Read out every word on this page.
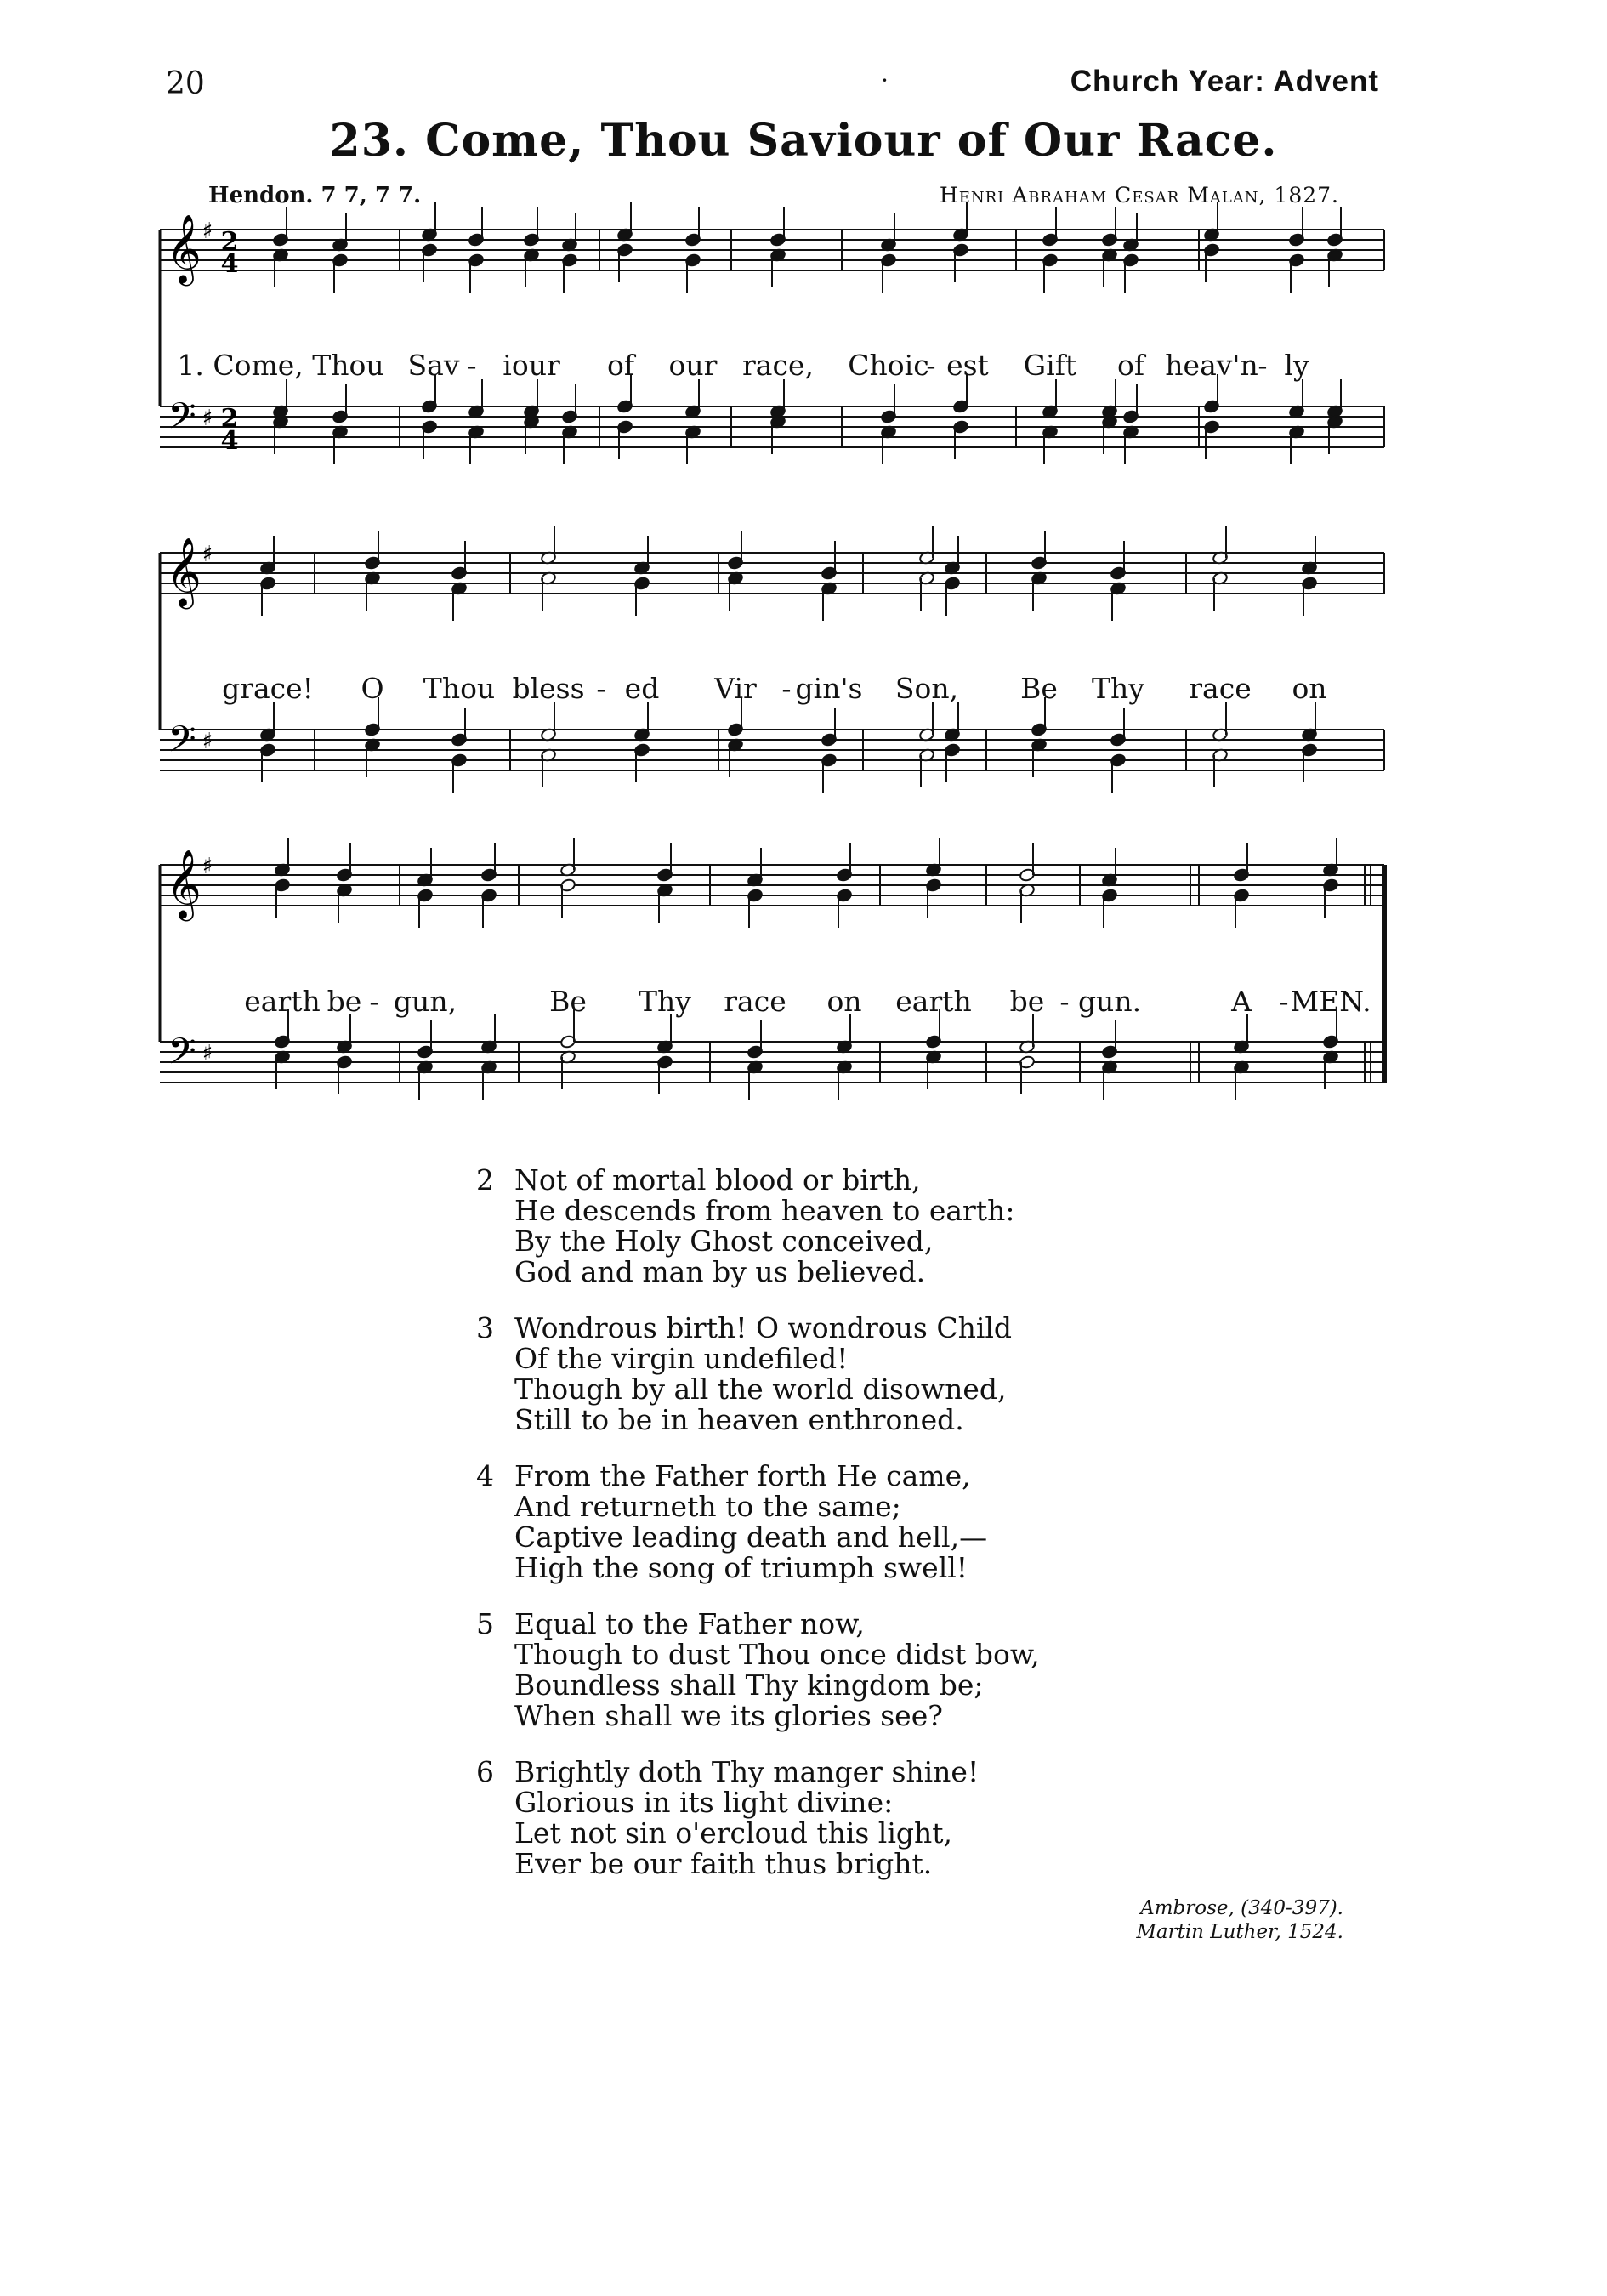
20	·	Church Year: Advent
23. Come, Thou Saviour of Our Race.
Hendon. 7 7, 7 7.	Henri Abraham Cesar Malan, 1827.
𝄞 ♯ 2
4
𝄢 ♯ 2
4
𝄞 ♯
𝄢 ♯
𝄞 ♯
𝄢 ♯
1. Come, Thou Sav - iour of our race, Choic
- est Gift of heav'n - ly
grace! O Thou bless - ed Vir - gin's Son, Be Thy race on
earth be - gun,	Be Thy race on earth be - gun.	A - MEN.
2 Not of mortal blood or birth,
He descends from heaven to earth:
By the Holy Ghost conceived,
God and man by us believed.
3 Wondrous birth! O wondrous Child
Of the virgin undefiled!
Though by all the world disowned,
Still to be in heaven enthroned.
4 From the Father forth He came,
And returneth to the same;
Captive leading death and hell,—
High the song of triumph swell!
5 Equal to the Father now,
Though to dust Thou once didst bow,
Boundless shall Thy kingdom be;
When shall we its glories see?
6 Brightly doth Thy manger shine!
Glorious in its light divine:
Let not sin o'ercloud this light,
Ever be our faith thus bright.
Ambrose, (340-397).
Martin Luther, 1524.
